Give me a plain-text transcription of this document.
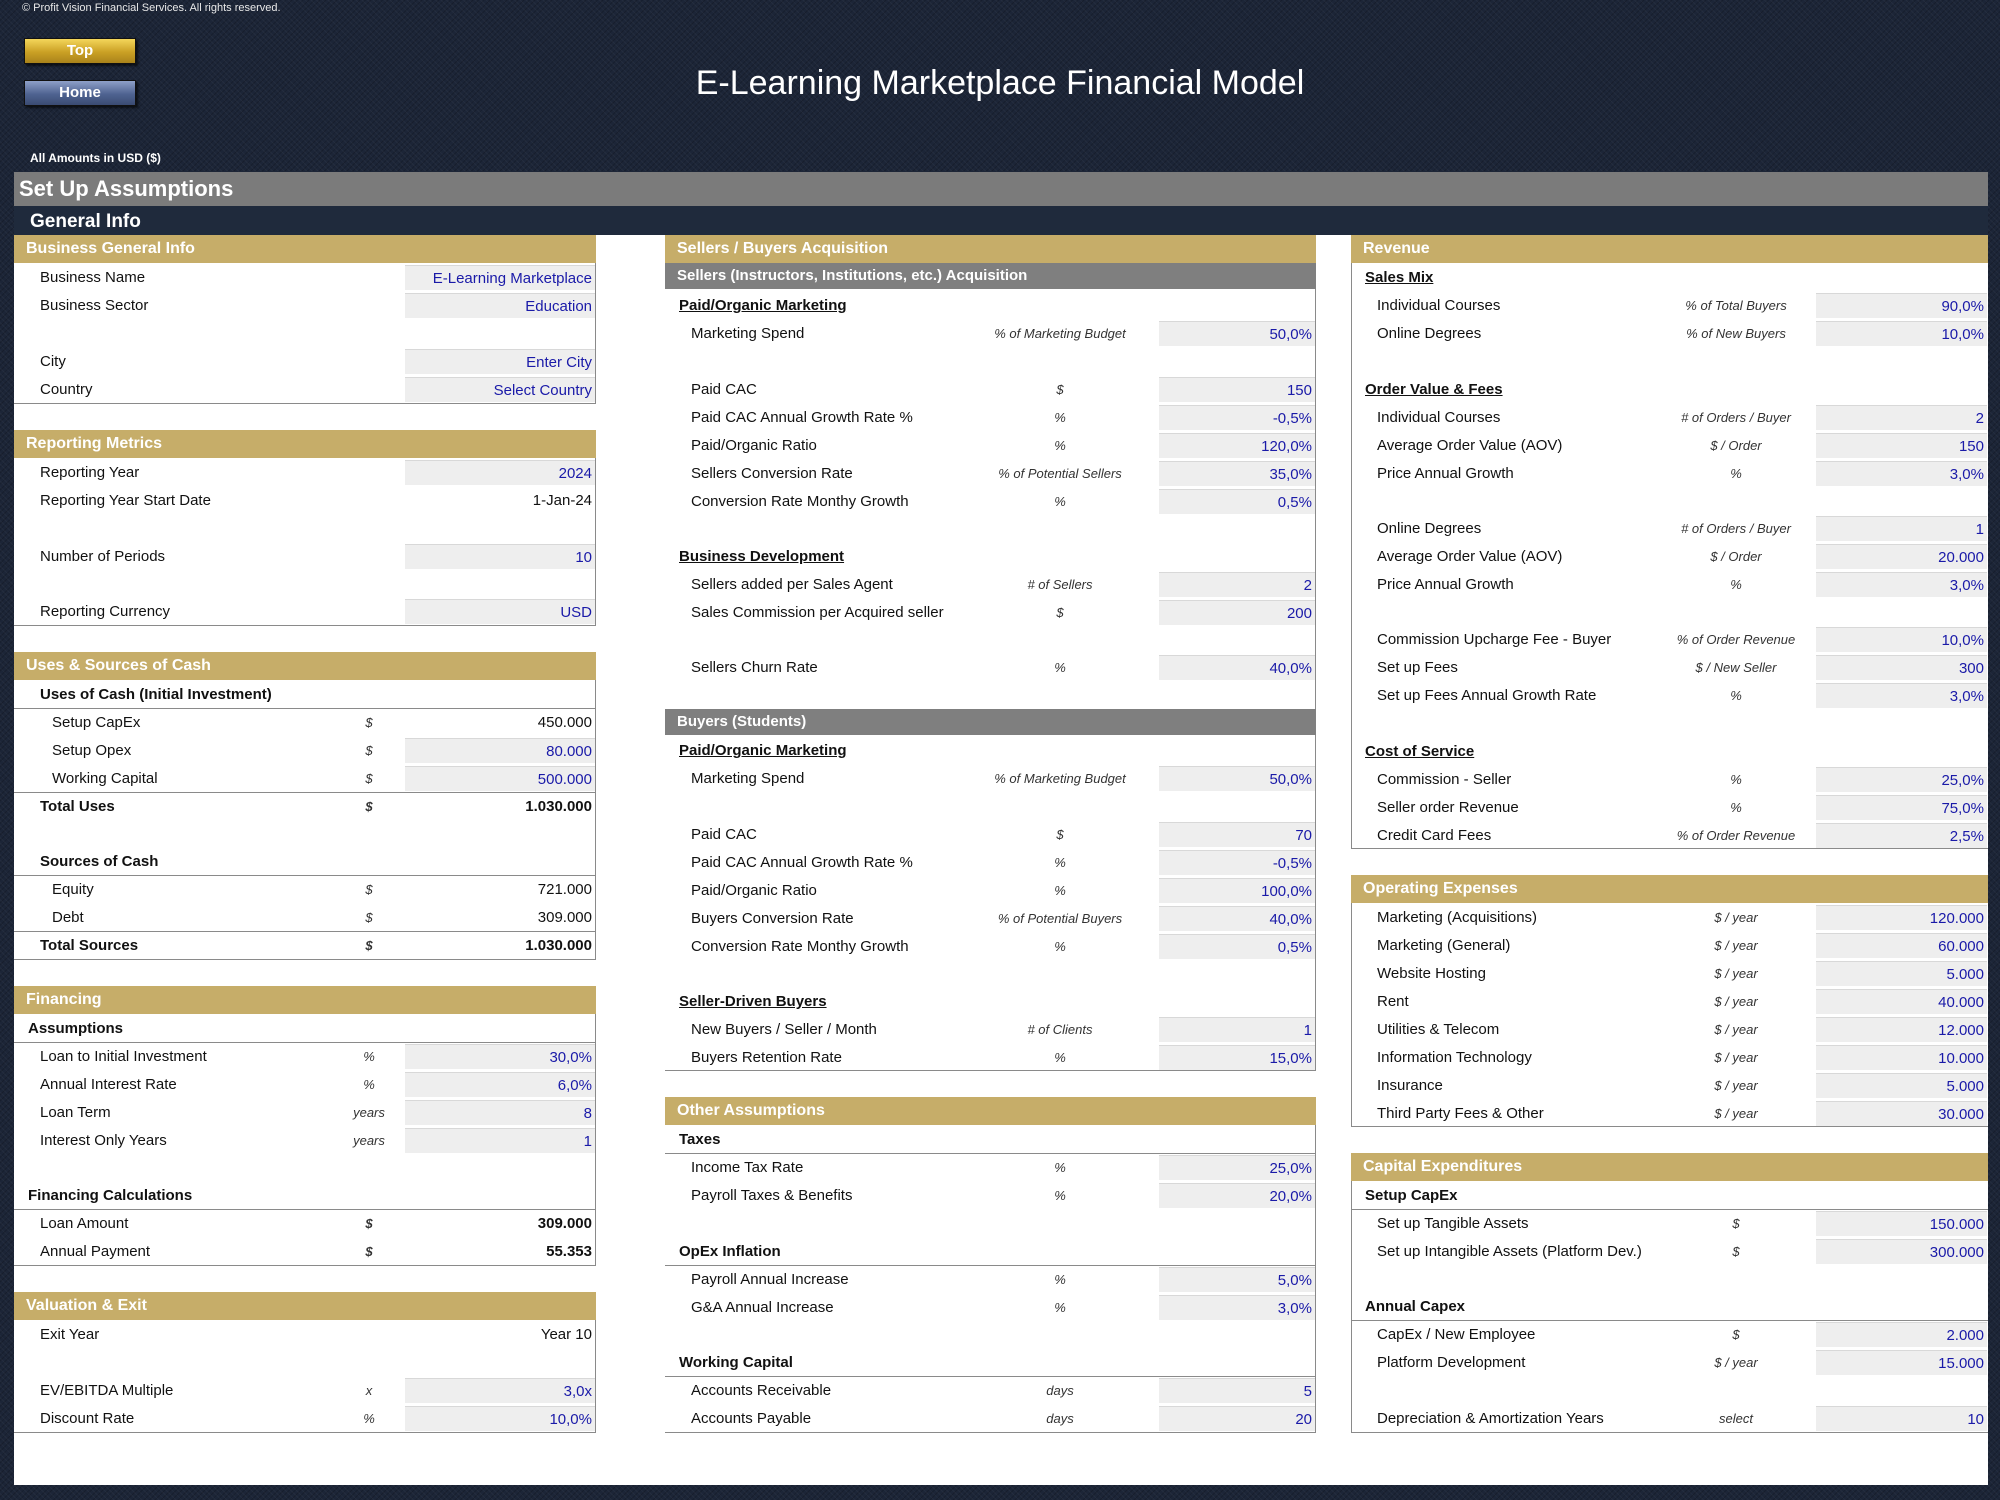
© Profit Vision Financial Services. All rights reserved.
Top
Home	E-Learning Marketplace Financial Model
All Amounts in USD ($)
Set Up Assumptions
General Info
Business General Info
Business Name	E-Learning Marketplace
Business Sector	Education
City	Enter City
Country	Select Country
Reporting Metrics
Reporting Year	2024
Reporting Year Start Date	1-Jan-24
Number of Periods	10
Reporting Currency	USD
Uses & Sources of Cash
Uses of Cash (Initial Investment)
Setup CapEx	$	450.000
Setup Opex	$	80.000
Working Capital	$	500.000
Total Uses	$	1.030.000
Sources of Cash
Equity	$	721.000
Debt	$	309.000
Total Sources	$	1.030.000
Financing
Assumptions
Loan to Initial Investment	%	30,0%
Annual Interest Rate	%	6,0%
Loan Term	years	8
Interest Only Years	years	1
Financing Calculations
Loan Amount	$	309.000
Annual Payment	$	55.353
Valuation & Exit
Exit Year	Year 10
EV/EBITDA Multiple	x	3,0x
Discount Rate	%	10,0%
Sellers / Buyers Acquisition
Sellers (Instructors, Institutions, etc.) Acquisition
Paid/Organic Marketing
Marketing Spend	% of Marketing Budget	50,0%
Paid CAC	$	150
Paid CAC Annual Growth Rate %	%	-0,5%
Paid/Organic Ratio	%	120,0%
Sellers Conversion Rate	% of Potential Sellers	35,0%
Conversion Rate Monthy Growth	%	0,5%
Business Development
Sellers added per Sales Agent	# of Sellers	2
Sales Commission per Acquired seller	$	200
Sellers Churn Rate	%	40,0%
Buyers (Students)
Paid/Organic Marketing
Marketing Spend	% of Marketing Budget	50,0%
Paid CAC	$	70
Paid CAC Annual Growth Rate %	%	-0,5%
Paid/Organic Ratio	%	100,0%
Buyers Conversion Rate	% of Potential Buyers	40,0%
Conversion Rate Monthy Growth	%	0,5%
Seller-Driven Buyers
New Buyers / Seller / Month	# of Clients	1
Buyers Retention Rate	%	15,0%
Other Assumptions
Taxes
Income Tax Rate	%	25,0%
Payroll Taxes & Benefits	%	20,0%
OpEx Inflation
Payroll Annual Increase	%	5,0%
G&A Annual Increase	%	3,0%
Working Capital
Accounts Receivable	days	5
Accounts Payable	days	20
Revenue
Sales Mix
Individual Courses	% of Total Buyers	90,0%
Online Degrees	% of New Buyers	10,0%
Order Value & Fees
Individual Courses	# of Orders / Buyer	2
Average Order Value (AOV)	$ / Order	150
Price Annual Growth	%	3,0%
Online Degrees	# of Orders / Buyer	1
Average Order Value (AOV)	$ / Order	20.000
Price Annual Growth	%	3,0%
Commission Upcharge Fee - Buyer	% of Order Revenue	10,0%
Set up Fees	$ / New Seller	300
Set up Fees Annual Growth Rate	%	3,0%
Cost of Service
Commission - Seller	%	25,0%
Seller order Revenue	%	75,0%
Credit Card Fees	% of Order Revenue	2,5%
Operating Expenses
Marketing (Acquisitions)	$ / year	120.000
Marketing (General)	$ / year	60.000
Website Hosting	$ / year	5.000
Rent	$ / year	40.000
Utilities & Telecom	$ / year	12.000
Information Technology	$ / year	10.000
Insurance	$ / year	5.000
Third Party Fees & Other	$ / year	30.000
Capital Expenditures
Setup CapEx
Set up Tangible Assets	$	150.000
Set up Intangible Assets (Platform Dev.)	$	300.000
Annual Capex
CapEx / New Employee	$	2.000
Platform Development	$ / year	15.000
Depreciation & Amortization Years	select	10
